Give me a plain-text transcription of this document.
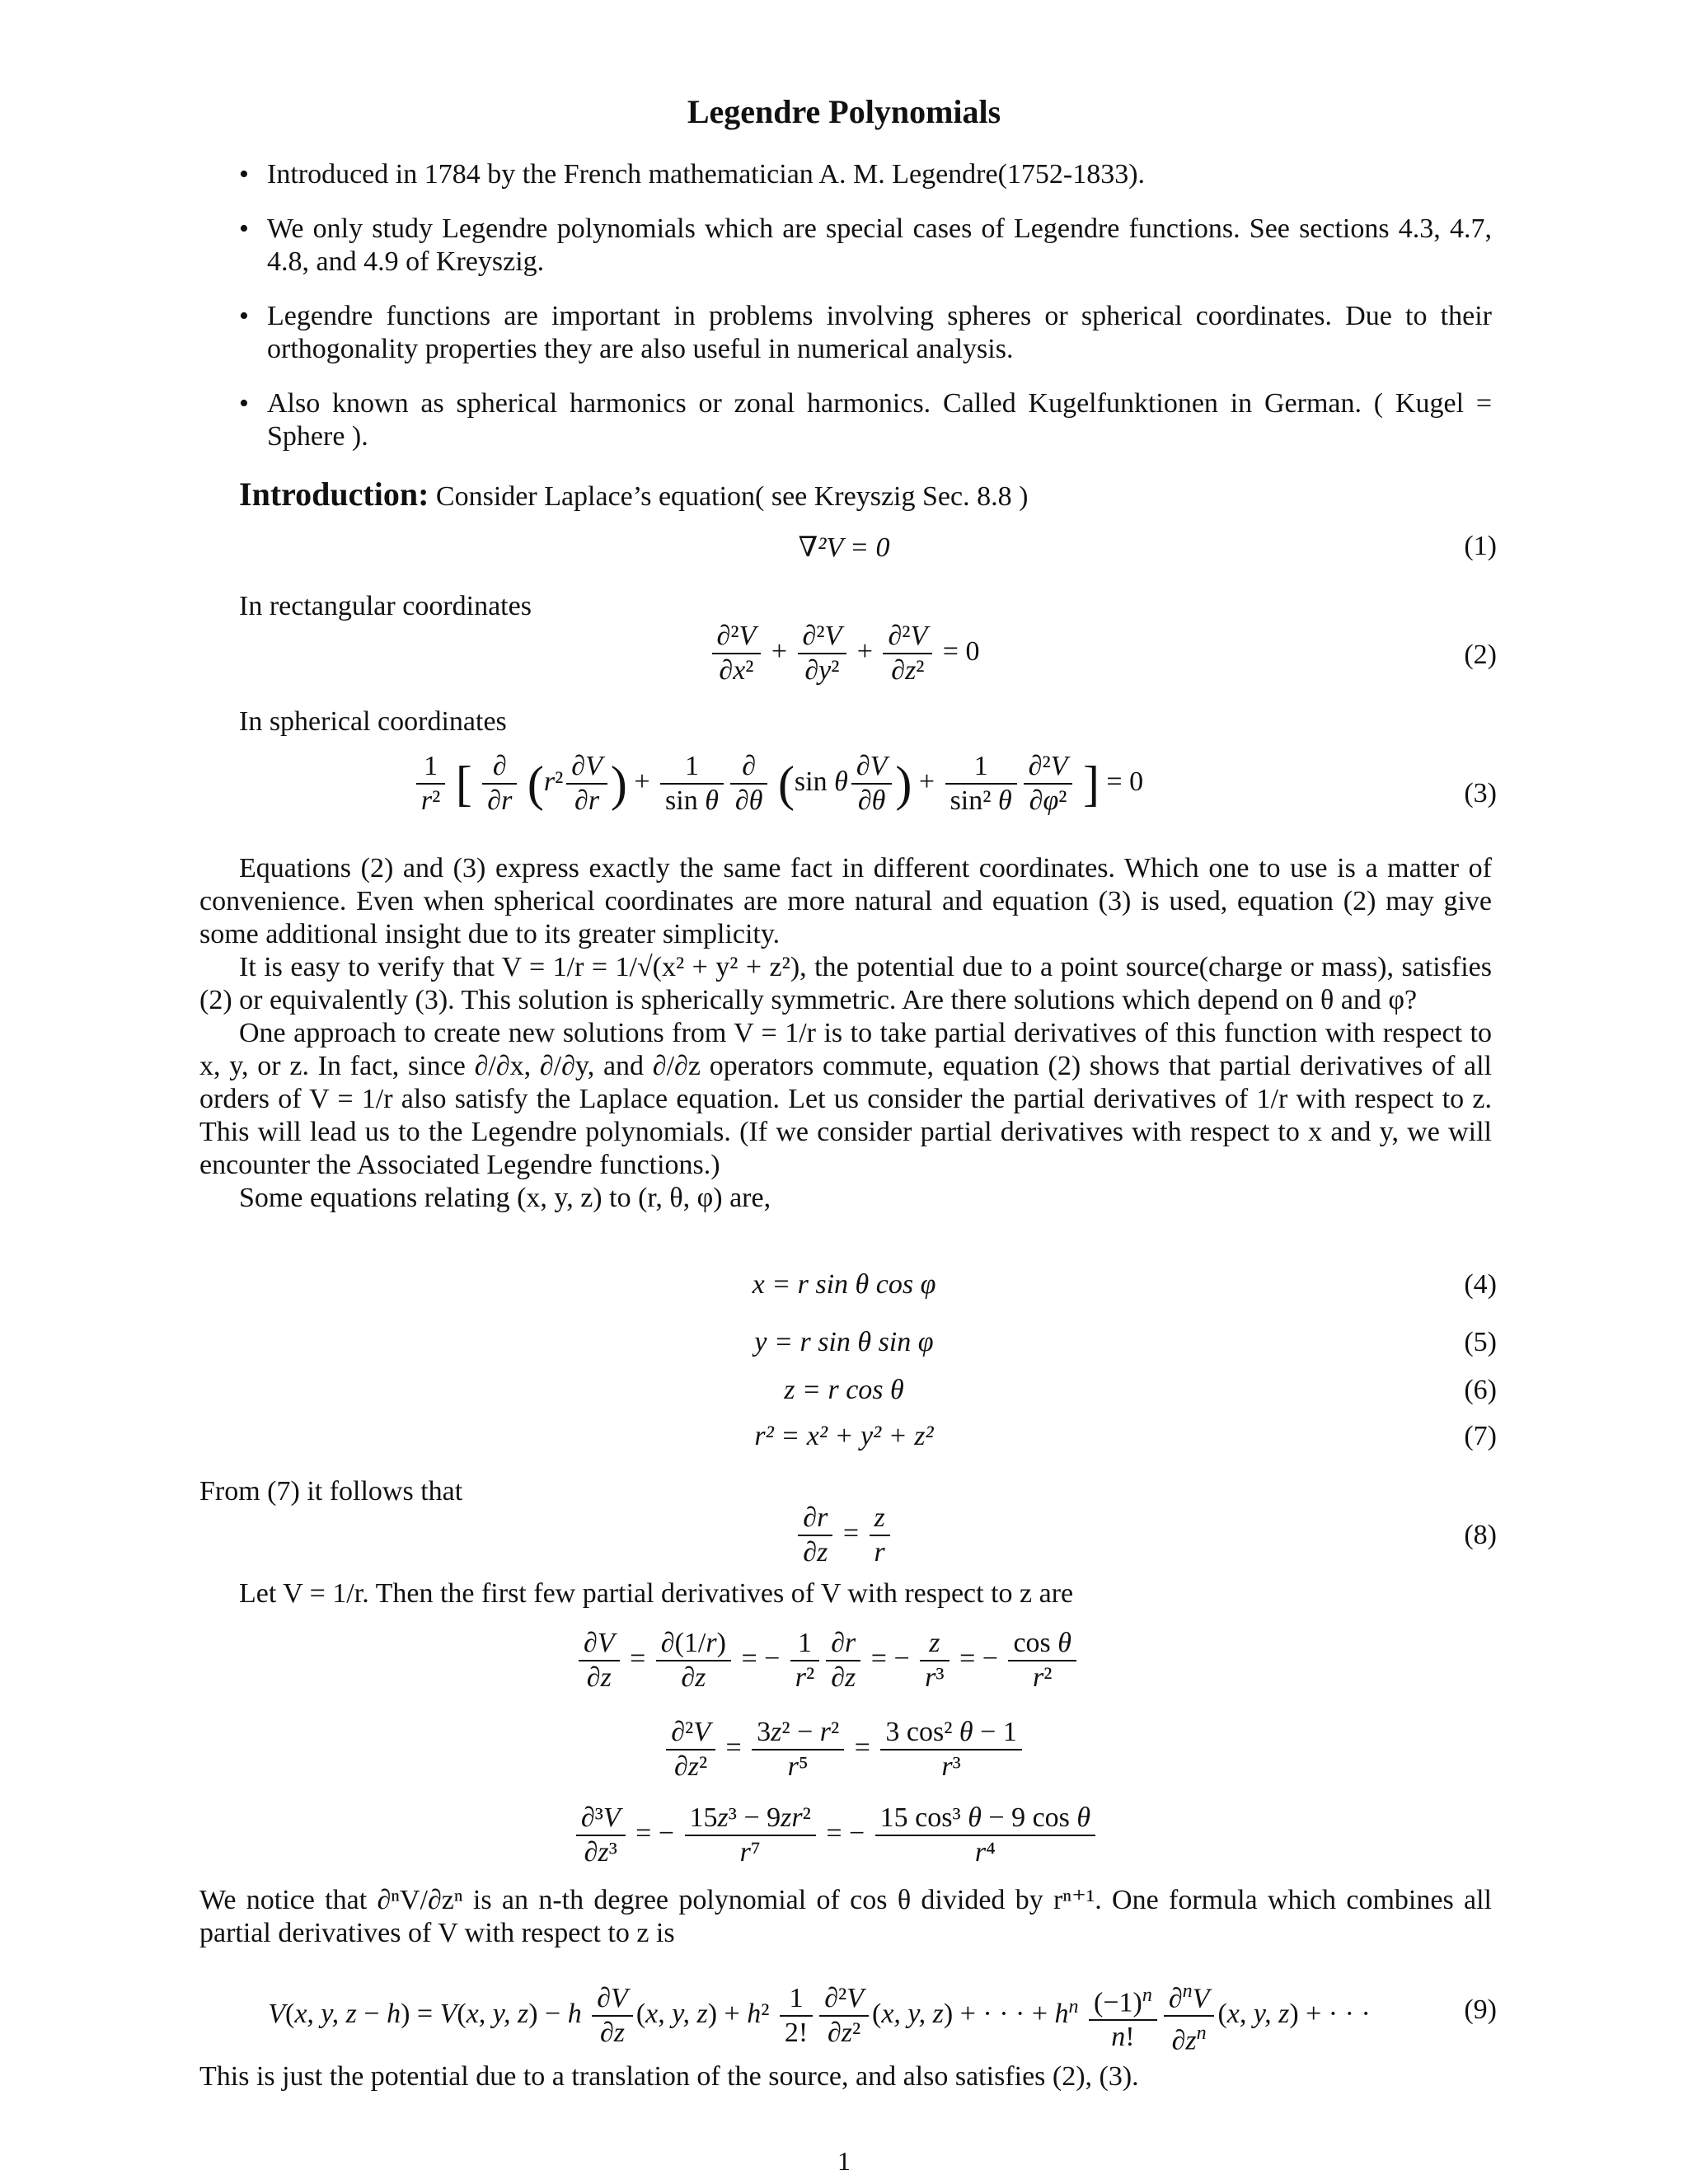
Legendre Polynomials
• Introduced in 1784 by the French mathematician A. M. Legendre(1752-1833).

• We only study Legendre polynomials which are special cases of Legendre functions. See sections 4.3, 4.7, 4.8, and 4.9 of Kreyszig.

• Legendre functions are important in problems involving spheres or spherical coordinates. Due to their orthogonality properties they are also useful in numerical analysis.

• Also known as spherical harmonics or zonal harmonics. Called Kugelfunktionen in German. ( Kugel = Sphere ).

Introduction: Consider Laplace’s equation( see Kreyszig Sec. 8.8 )
∇²V = 0	(1)
In rectangular coordinates
$\frac{\text{∂²V}}{\text{∂x²}} + \frac{\text{∂²V}}{\text{∂y²}} + \frac{\text{∂²V}}{\text{∂z²}} = 0$	(2)
In spherical coordinates
$\frac{1}{\text{r²}}$ [ $\frac{\partial}{\partial r} (r^2 \frac{\partial V}{\partial r}$ ) + $\frac{1}{\text{sin θ}} \frac{\partial}{\partial\theta} (\sin$ θ $\frac{\partial V}{\partial\theta}$ ) + $\frac{1}{\text{sin² θ}} \frac{\text{∂²V}}{\text{∂φ²}}$ ] = 0	(3)

Equations (2) and (3) express exactly the same fact in different coordinates. Which one to use is a matter of convenience. Even when spherical coordinates are more natural and equation (3) is used, equation (2) may give some additional insight due to its greater simplicity.

It is easy to verify that V = 1/r = 1/√(x² + y² + z²), the potential due to a point source(charge or mass), satisfies (2) or equivalently (3). This solution is spherically symmetric. Are there solutions which depend on θ and φ?

One approach to create new solutions from V = 1/r is to take partial derivatives of this function with respect to x, y, or z. In fact, since ∂/∂x, ∂/∂y, and ∂/∂z operators commute, equation (2) shows that partial derivatives of all orders of V = 1/r also satisfy the Laplace equation. Let us consider the partial derivatives of 1/r with respect to z. This will lead us to the Legendre polynomials. (If we consider partial derivatives with respect to x and y, we will encounter the Associated Legendre functions.)

Some equations relating (x, y, z) to (r, θ, φ) are,

x = r sin θ cos φ	(4)
y = r sin θ sin φ	(5)
z = r cos θ	(6)
r² = x² + y² + z²	(7)
From (7) it follows that
$\frac{\partial r}{\partial z} = \frac{z}{r}$	(8)

Let V = 1/r. Then the first few partial derivatives of V with respect to z are

$\frac{\partial V}{\partial z} = \frac{\partial(1/r)}{\partial z}$ = − $\frac{1}{\text{r²}} \frac{\partial r}{\partial z}$ = − $\frac{z}{\text{r³}}$ = − $\frac{\text{cos θ}}{\text{r²}}$
$\frac{\text{∂²V}}{\text{∂z²}} = \frac{\text{3z² − r²}}{\text{r⁵}} = \frac{\text{3 cos² θ − 1}}{\text{r³}}$
$\frac{\text{∂³V}}{\text{∂z³}}$ = − $\frac{\text{15z³ − 9zr²}}{\text{r⁷}}$ = − $\frac{\text{15 cos³ θ − 9 cos θ}}{\text{r⁴}}$

We notice that ∂ⁿV/∂zⁿ is an n-th degree polynomial of cos θ divided by rⁿ⁺¹. One formula which combines all partial derivatives of V with respect to z is

V(x, y, z − h) = V(x, y, z) − h $\frac{\partial V}{\partial z} (x$, y, $z) + h^2 \frac{1}{2!} \frac{\text{∂²V}}{\text{∂z²}} (x$, y, z) + · · · + $h^n \frac{(-1)^n}{n!} \frac{\partial^nV}{\partial z^n} (x$, y, z) + · · ·	(9)

This is just the potential due to a translation of the source, and also satisfies (2), (3).

1
